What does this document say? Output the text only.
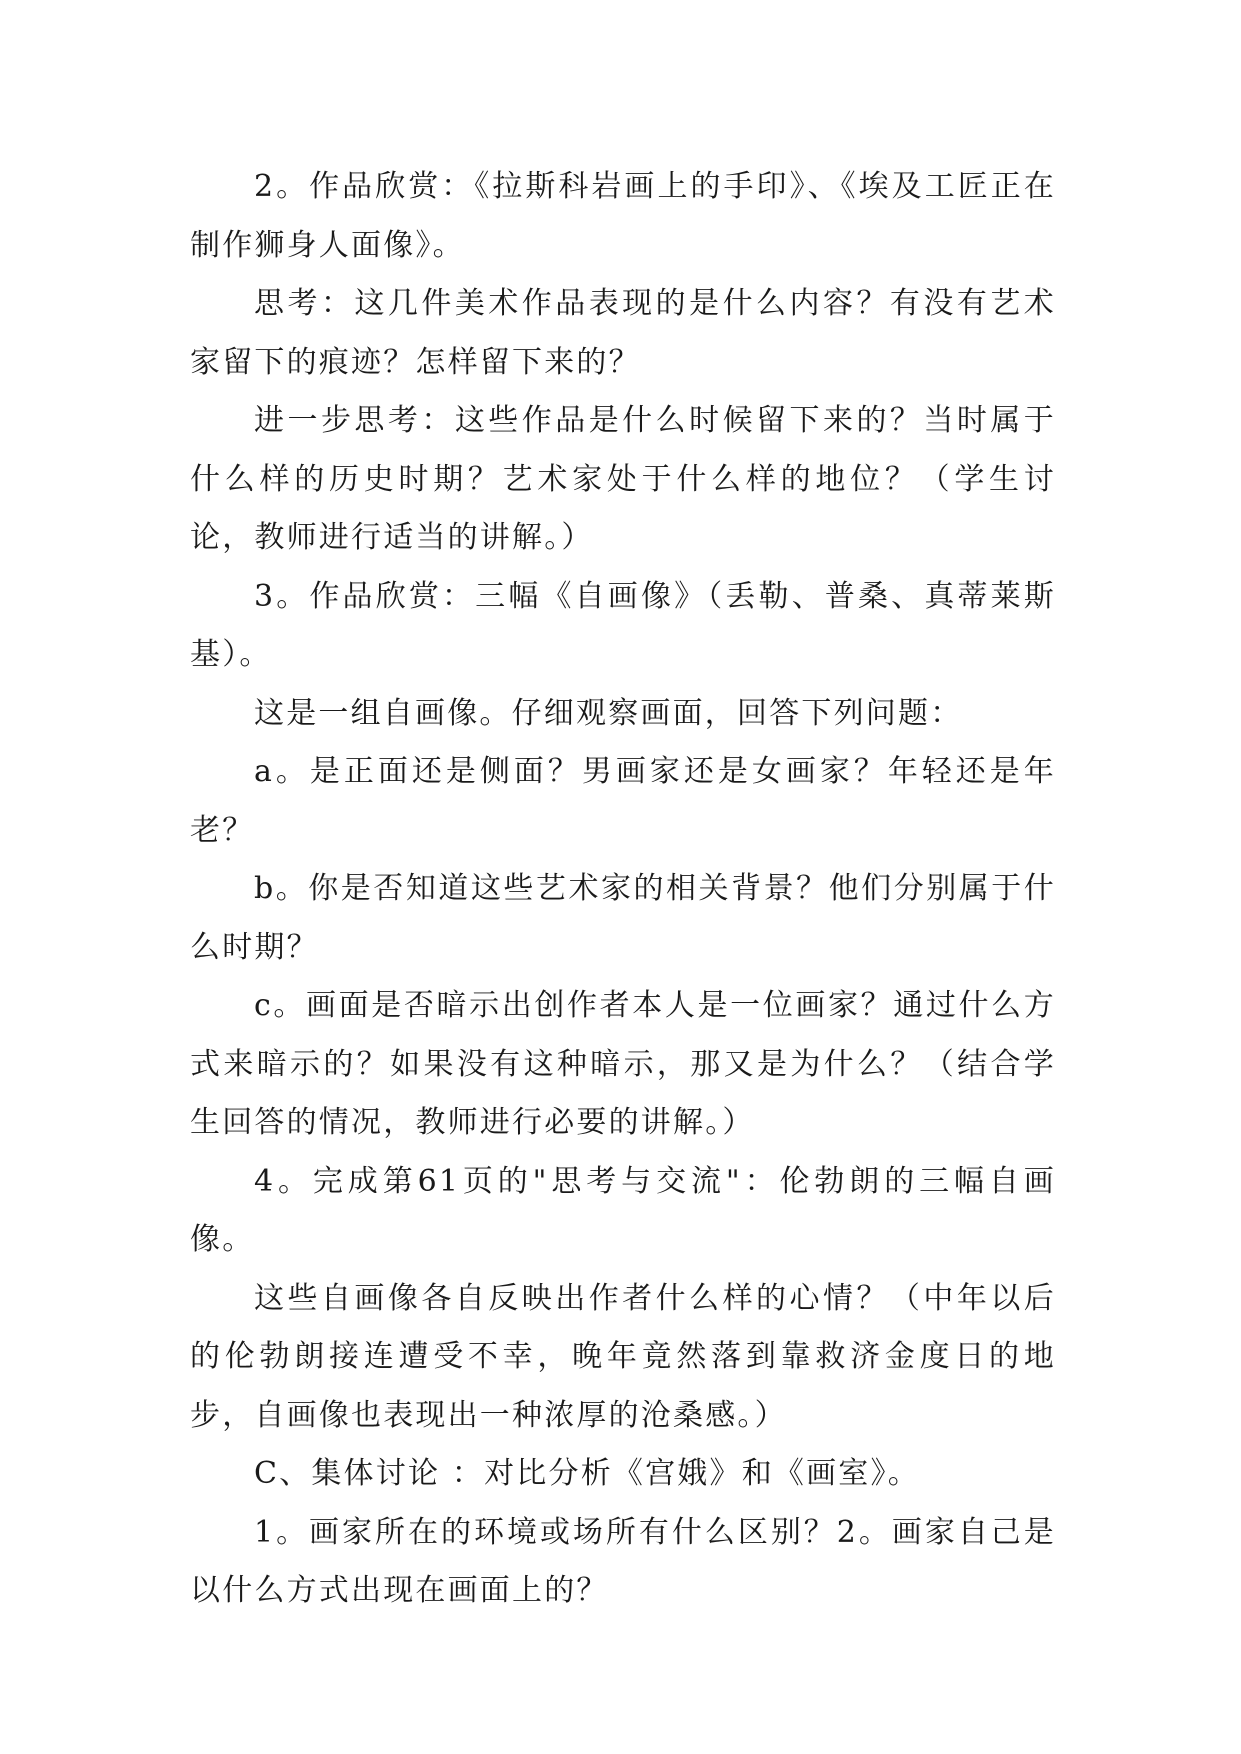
2。作品欣赏：《拉斯科岩画上的手印》、《埃及工匠正在制作狮身人面像》。

思考：这几件美术作品表现的是什么内容？有没有艺术家留下的痕迹？怎样留下来的？

进一步思考：这些作品是什么时候留下来的？当时属于什么样的历史时期？艺术家处于什么样的地位？（学生讨论，教师进行适当的讲解。）

3。作品欣赏：三幅《自画像》（丢勒、普桑、真蒂莱斯基）。

这是一组自画像。仔细观察画面，回答下列问题：

a。是正面还是侧面？男画家还是女画家？年轻还是年老？

b。你是否知道这些艺术家的相关背景？他们分别属于什么时期？

c。画面是否暗示出创作者本人是一位画家？通过什么方式来暗示的？如果没有这种暗示，那又是为什么？（结合学生回答的情况，教师进行必要的讲解。）

4。完成第61页的"思考与交流"：伦勃朗的三幅自画像。

这些自画像各自反映出作者什么样的心情？（中年以后的伦勃朗接连遭受不幸，晚年竟然落到靠救济金度日的地步，自画像也表现出一种浓厚的沧桑感。）

C、集体讨论 ：对比分析《宫娥》和《画室》。

1。画家所在的环境或场所有什么区别？2。画家自己是以什么方式出现在画面上的？
